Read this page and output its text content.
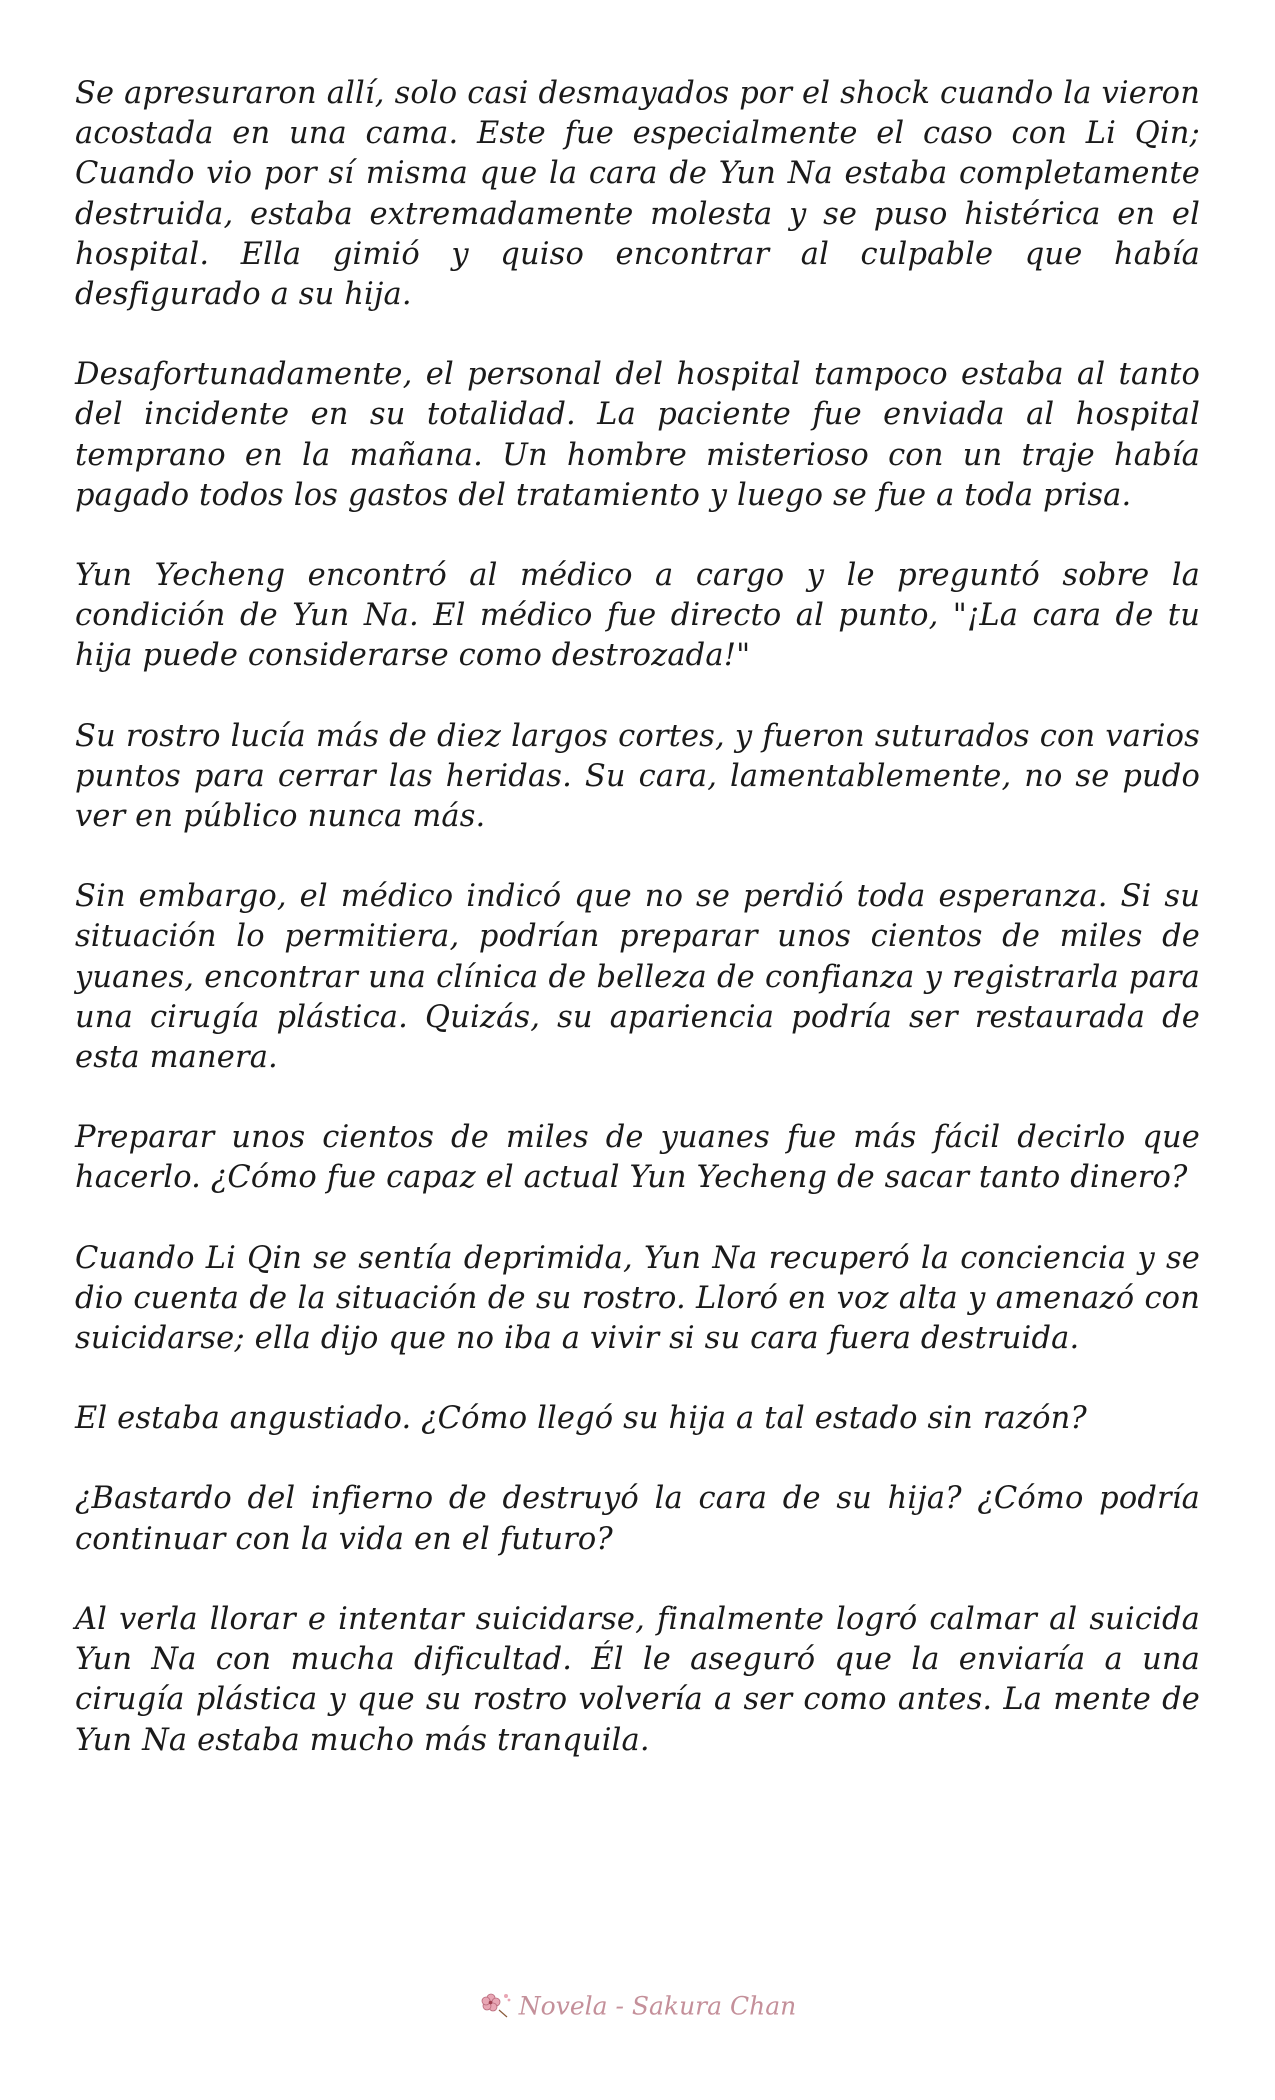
Se apresuraron allí, solo casi desmayados por el shock cuando la vieron acostada en una cama. Este fue especialmente el caso con Li Qin; Cuando vio por sí misma que la cara de Yun Na estaba completamente destruida, estaba extremadamente molesta y se puso histérica en el hospital. Ella gimió y quiso encontrar al culpable que había desfigurado a su hija.

Desafortunadamente, el personal del hospital tampoco estaba al tanto del incidente en su totalidad. La paciente fue enviada al hospital temprano en la mañana. Un hombre misterioso con un traje había pagado todos los gastos del tratamiento y luego se fue a toda prisa.

Yun Yecheng encontró al médico a cargo y le preguntó sobre la condición de Yun Na. El médico fue directo al punto, "¡La cara de tu hija puede considerarse como destrozada!"

Su rostro lucía más de diez largos cortes, y fueron suturados con varios puntos para cerrar las heridas. Su cara, lamentablemente, no se pudo ver en público nunca más.

Sin embargo, el médico indicó que no se perdió toda esperanza. Si su situación lo permitiera, podrían preparar unos cientos de miles de yuanes, encontrar una clínica de belleza de confianza y registrarla para una cirugía plástica. Quizás, su apariencia podría ser restaurada de esta manera.

Preparar unos cientos de miles de yuanes fue más fácil decirlo que hacerlo. ¿Cómo fue capaz el actual Yun Yecheng de sacar tanto dinero?

Cuando Li Qin se sentía deprimida, Yun Na recuperó la conciencia y se dio cuenta de la situación de su rostro. Lloró en voz alta y amenazó con suicidarse; ella dijo que no iba a vivir si su cara fuera destruida.

El estaba angustiado. ¿Cómo llegó su hija a tal estado sin razón?

¿Bastardo del infierno de destruyó la cara de su hija? ¿Cómo podría continuar con la vida en el futuro?

Al verla llorar e intentar suicidarse, finalmente logró calmar al suicida Yun Na con mucha dificultad. Él le aseguró que la enviaría a una cirugía plástica y que su rostro volvería a ser como antes. La mente de Yun Na estaba mucho más tranquila.

Novela - Sakura Chan
